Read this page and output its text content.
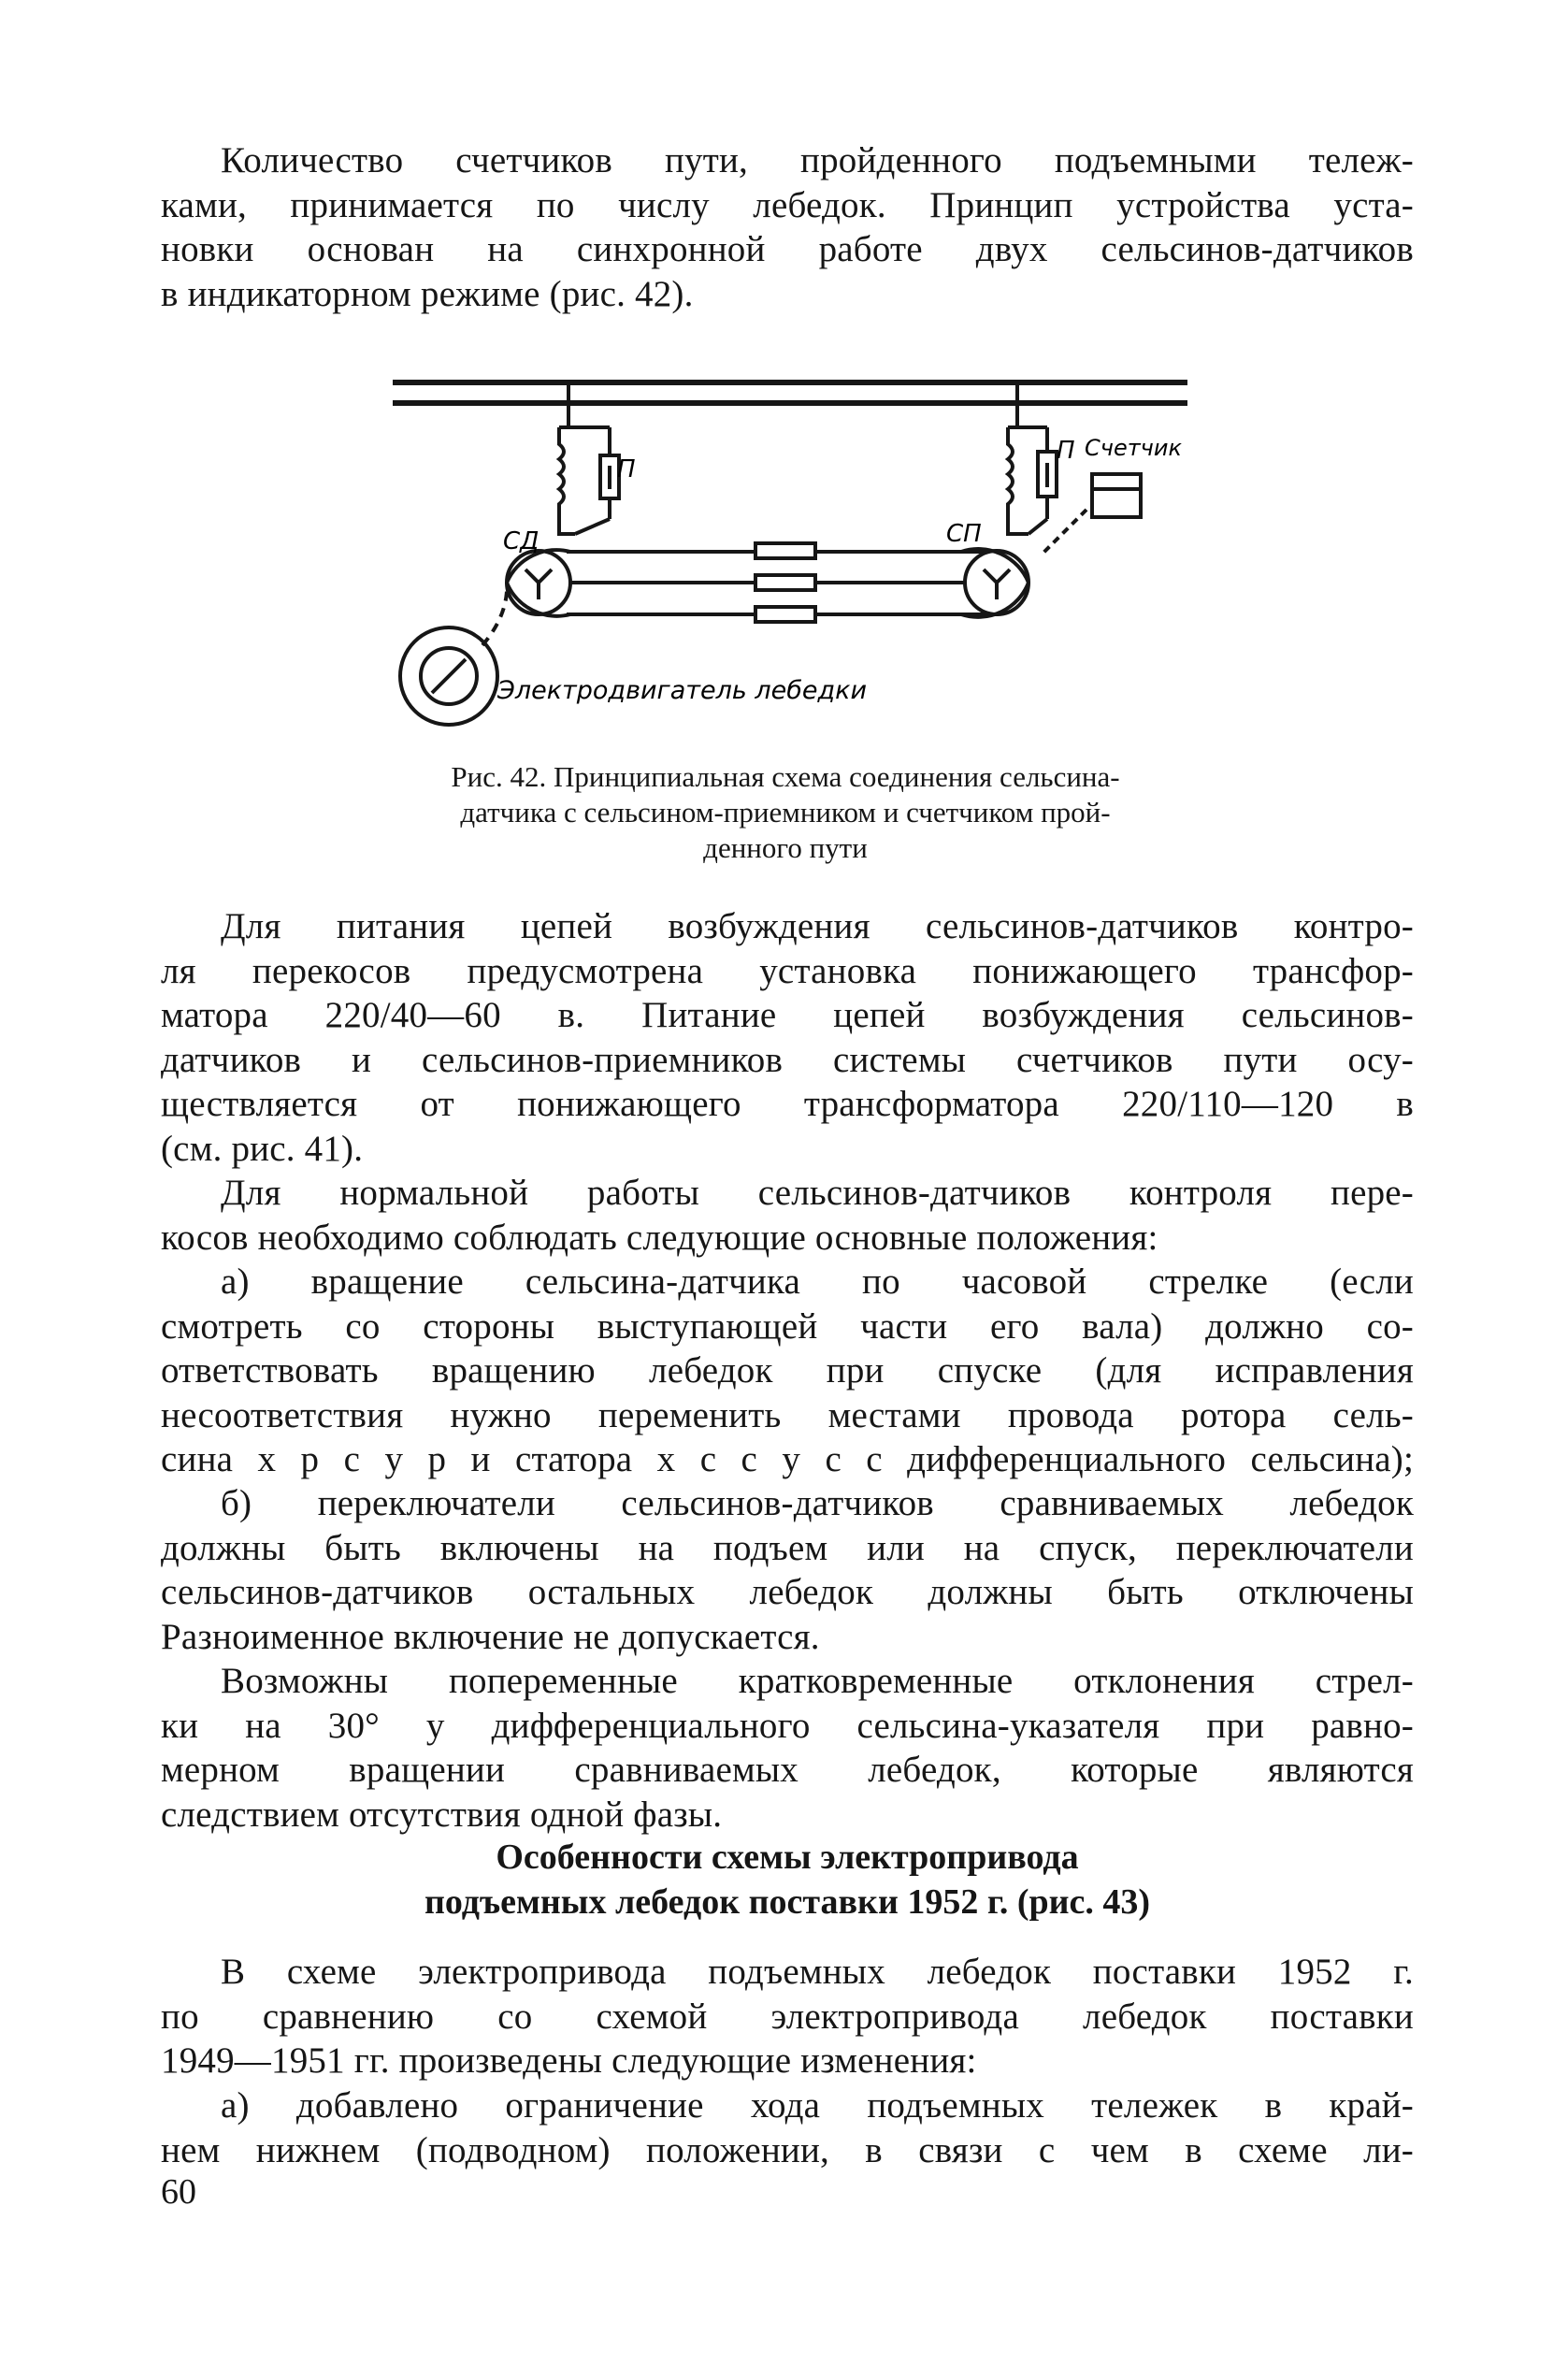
Количество счетчиков пути, пройденного подъемными тележ-
ками, принимается по числу лебедок. Принцип устройства уста-
новки основан на синхронной работе двух сельсинов-датчиков
в индикаторном режиме (рис. 42).
П
П Счетчик
СД	СП
Электродвигатель лебедки
Рис. 42. Принципиальная схема соединения сельсина-
датчика с сельсином-приемником и счетчиком прой-
денного пути
Для питания цепей возбуждения сельсинов-датчиков контро-
ля перекосов предусмотрена установка понижающего трансфор-
матора 220/40—60 в. Питание цепей возбуждения сельсинов-
датчиков и сельсинов-приемников системы счетчиков пути осу-
ществляется от понижающего трансформатора 220/110—120 в
(см. рис. 41).
Для нормальной работы сельсинов-датчиков контроля пере-
косов необходимо соблюдать следующие основные положения:
а) вращение сельсина-датчика по часовой стрелке (если
смотреть со стороны выступающей части его вала) должно со-
ответствовать вращению лебедок при спуске (для исправления
несоответствия нужно переменить местами провода ротора сель-
сина x p с y p и статора x c с y c с дифференциального сельсина);
б) переключатели сельсинов-датчиков сравниваемых лебедок
должны быть включены на подъем или на спуск, переключатели
сельсинов-датчиков остальных лебедок должны быть отключены
Разноименное включение не допускается.
Возможны попеременные кратковременные отклонения стрел-
ки на 30° у дифференциального сельсина-указателя при равно-
мерном вращении сравниваемых лебедок, которые являются
следствием отсутствия одной фазы.
Особенности схемы электропривода
подъемных лебедок поставки 1952 г. (рис. 43)
В схеме электропривода подъемных лебедок поставки 1952 г.
по сравнению со схемой электропривода лебедок поставки
1949—1951 гг. произведены следующие изменения:
а) добавлено ограничение хода подъемных тележек в край-
нем нижнем (подводном) положении, в связи с чем в схеме ли-
60
